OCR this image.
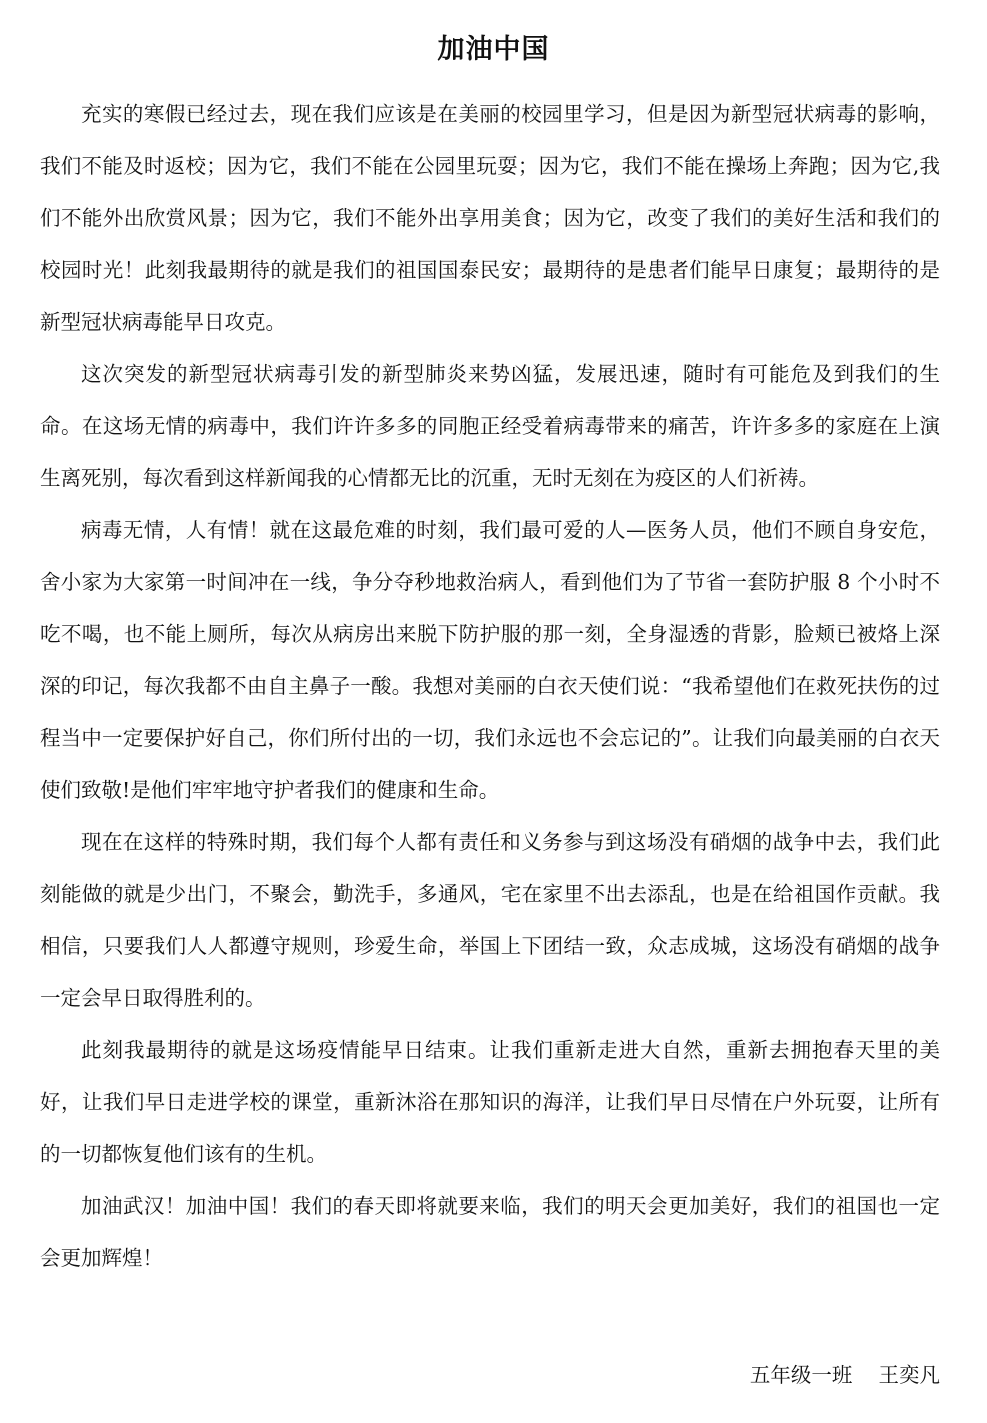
加油中国

充实的寒假已经过去，现在我们应该是在美丽的校园里学习，但是因为新型冠状病毒的影响，我们不能及时返校；因为它，我们不能在公园里玩耍；因为它，我们不能在操场上奔跑；因为它,我们不能外出欣赏风景；因为它，我们不能外出享用美食；因为它，改变了我们的美好生活和我们的校园时光！此刻我最期待的就是我们的祖国国泰民安；最期待的是患者们能早日康复；最期待的是新型冠状病毒能早日攻克。

这次突发的新型冠状病毒引发的新型肺炎来势凶猛，发展迅速，随时有可能危及到我们的生命。在这场无情的病毒中，我们许许多多的同胞正经受着病毒带来的痛苦，许许多多的家庭在上演生离死别，每次看到这样新闻我的心情都无比的沉重，无时无刻在为疫区的人们祈祷。

病毒无情，人有情！就在这最危难的时刻，我们最可爱的人—医务人员，他们不顾自身安危，舍小家为大家第一时间冲在一线，争分夺秒地救治病人，看到他们为了节省一套防护服 8 个小时不吃不喝，也不能上厕所，每次从病房出来脱下防护服的那一刻，全身湿透的背影，脸颊已被烙上深深的印记，每次我都不由自主鼻子一酸。我想对美丽的白衣天使们说：“我希望他们在救死扶伤的过程当中一定要保护好自己，你们所付出的一切，我们永远也不会忘记的”。让我们向最美丽的白衣天使们致敬!是他们牢牢地守护者我们的健康和生命。

现在在这样的特殊时期，我们每个人都有责任和义务参与到这场没有硝烟的战争中去，我们此刻能做的就是少出门，不聚会，勤洗手，多通风，宅在家里不出去添乱，也是在给祖国作贡献。我相信，只要我们人人都遵守规则，珍爱生命，举国上下团结一致，众志成城，这场没有硝烟的战争一定会早日取得胜利的。

此刻我最期待的就是这场疫情能早日结束。让我们重新走进大自然，重新去拥抱春天里的美好，让我们早日走进学校的课堂，重新沐浴在那知识的海洋，让我们早日尽情在户外玩耍，让所有的一切都恢复他们该有的生机。

加油武汉！加油中国！我们的春天即将就要来临，我们的明天会更加美好，我们的祖国也一定会更加辉煌！

五年级一班    王奕凡
